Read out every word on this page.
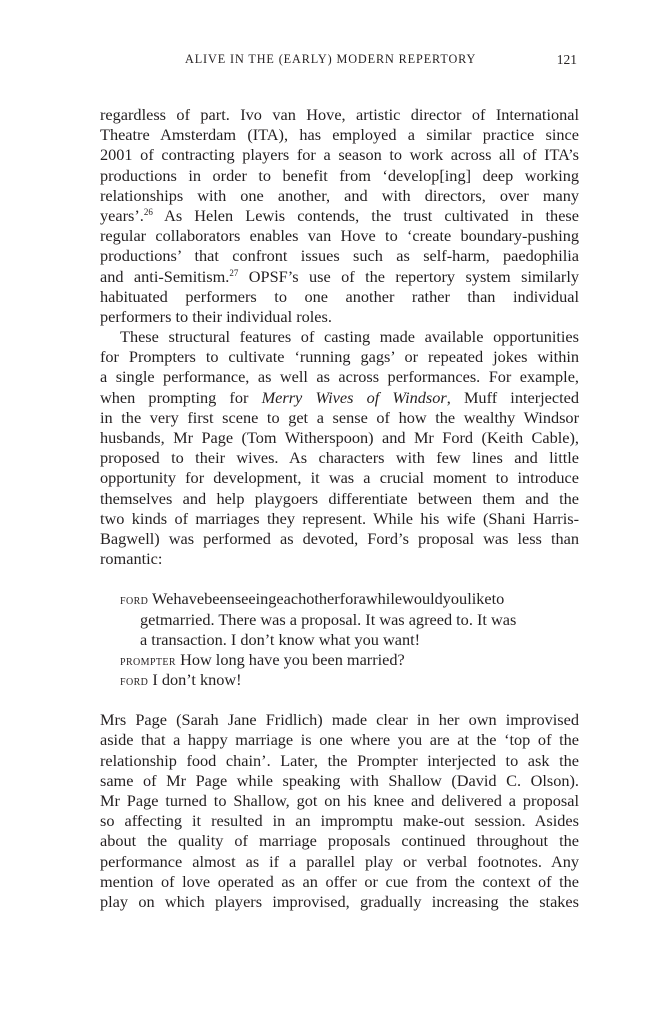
ALIVE IN THE (EARLY) MODERN REPERTORY	121
regardless of part. Ivo van Hove, artistic director of International
Theatre Amsterdam (ITA), has employed a similar practice since
2001 of contracting players for a season to work across all of ITA’s
productions in order to benefit from ‘develop[ing] deep working
relationships with one another, and with directors, over many
years’.$^{26}$ As Helen Lewis contends, the trust cultivated in these
regular collaborators enables van Hove to ‘create boundary-pushing
productions’ that confront issues such as self-harm, paedophilia
and anti-Semitism.$^{27}$ OPSF’s use of the repertory system similarly
habituated performers to one another rather than individual
performers to their individual roles.
These structural features of casting made available opportunities
for Prompters to cultivate ‘running gags’ or repeated jokes within
a single performance, as well as across performances. For example,
when prompting for Merry Wives of Windsor, Muff interjected
in the very first scene to get a sense of how the wealthy Windsor
husbands, Mr Page (Tom Witherspoon) and Mr Ford (Keith Cable),
proposed to their wives. As characters with few lines and little
opportunity for development, it was a crucial moment to introduce
themselves and help playgoers differentiate between them and the
two kinds of marriages they represent. While his wife (Shani Harris-
Bagwell) was performed as devoted, Ford’s proposal was less than
romantic:
ford Wehavebeenseeingeachotherforawhilewouldyouliketo
getmarried. There was a proposal. It was agreed to. It was
a transaction. I don’t know what you want!
prompter How long have you been married?
ford I don’t know!
Mrs Page (Sarah Jane Fridlich) made clear in her own improvised
aside that a happy marriage is one where you are at the ‘top of the
relationship food chain’. Later, the Prompter interjected to ask the
same of Mr Page while speaking with Shallow (David C. Olson).
Mr Page turned to Shallow, got on his knee and delivered a proposal
so affecting it resulted in an impromptu make-out session. Asides
about the quality of marriage proposals continued throughout the
performance almost as if a parallel play or verbal footnotes. Any
mention of love operated as an offer or cue from the context of the
play on which players improvised, gradually increasing the stakes
